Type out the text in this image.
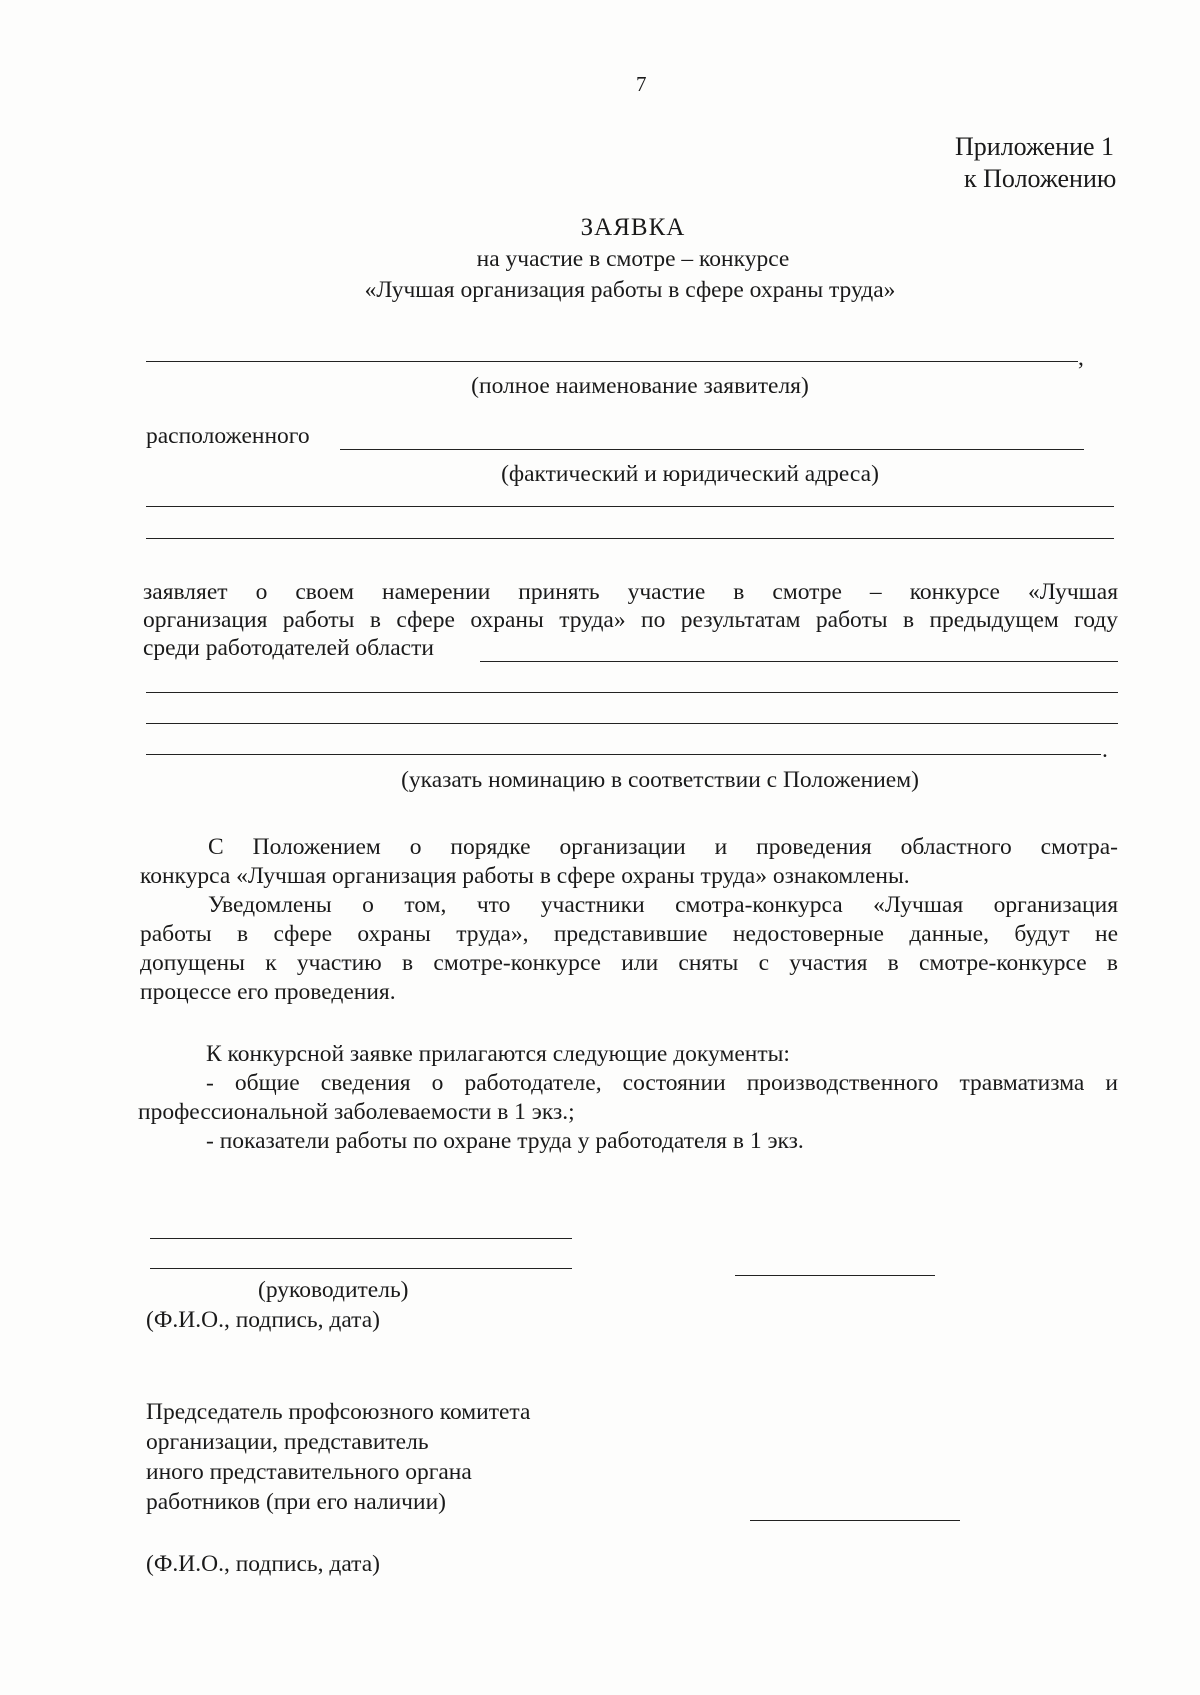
7
Приложение 1
к Положению
ЗАЯВКА
на участие в смотре – конкурсе
«Лучшая организация работы в сфере охраны труда»
,
(полное наименование заявителя)
расположенного
(фактический и юридический адреса)

заявляет о своем намерении принять участие в смотре – конкурсе «Лучшая

организация работы в сфере охраны труда» по результатам работы в предыдущем году

среди работодателей области

.
(указать номинацию в соответствии с Положением)

С Положением о порядке организации и проведения областного смотра-

конкурса «Лучшая организация работы в сфере охраны труда» ознакомлены.

Уведомлены о том, что участники смотра-конкурса «Лучшая организация

работы в сфере охраны труда», представившие недостоверные данные, будут не

допущены к участию в смотре-конкурсе или сняты с участия в смотре-конкурсе в

процессе его проведения.

К конкурсной заявке прилагаются следующие документы:

- общие сведения о работодателе, состоянии производственного травматизма и

профессиональной заболеваемости в 1 экз.;

- показатели работы по охране труда у работодателя в 1 экз.

(руководитель)
(Ф.И.О., подпись, дата)
Председатель профсоюзного комитета
организации, представитель
иного представительного органа
работников (при его наличии)
(Ф.И.О., подпись, дата)
